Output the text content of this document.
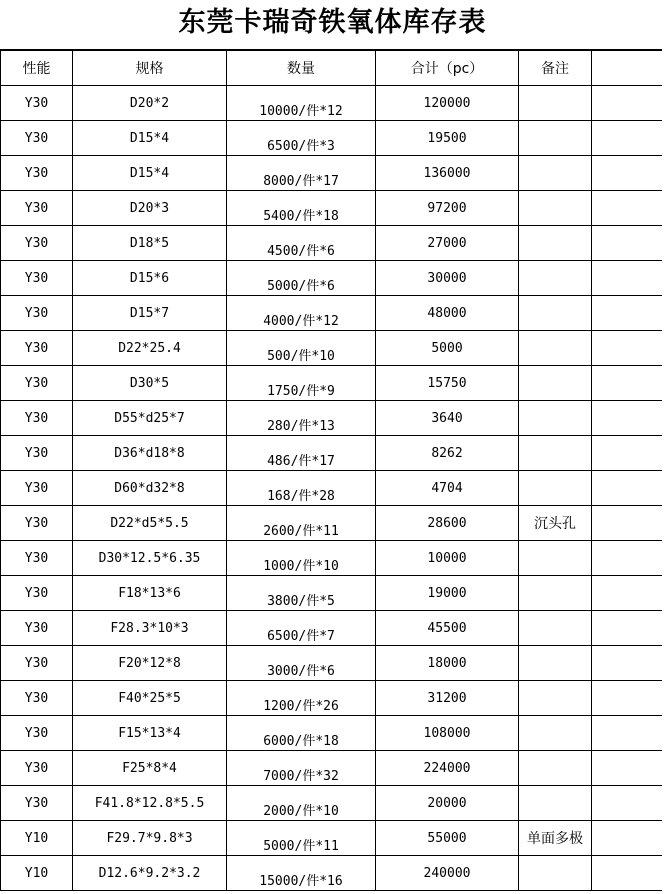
东莞卡瑞奇铁氧体库存表
性能	规格	数量	合计（pc）	备注	
Y30	D20*2	10000/件*12	120000		
Y30	D15*4	6500/件*3	19500		
Y30	D15*4	8000/件*17	136000		
Y30	D20*3	5400/件*18	97200		
Y30	D18*5	4500/件*6	27000		
Y30	D15*6	5000/件*6	30000		
Y30	D15*7	4000/件*12	48000		
Y30	D22*25.4	500/件*10	5000		
Y30	D30*5	1750/件*9	15750		
Y30	D55*d25*7	280/件*13	3640		
Y30	D36*d18*8	486/件*17	8262		
Y30	D60*d32*8	168/件*28	4704		
Y30	D22*d5*5.5	2600/件*11	28600	沉头孔	
Y30	D30*12.5*6.35	1000/件*10	10000		
Y30	F18*13*6	3800/件*5	19000		
Y30	F28.3*10*3	6500/件*7	45500		
Y30	F20*12*8	3000/件*6	18000		
Y30	F40*25*5	1200/件*26	31200		
Y30	F15*13*4	6000/件*18	108000		
Y30	F25*8*4	7000/件*32	224000		
Y30	F41.8*12.8*5.5	2000/件*10	20000		
Y10	F29.7*9.8*3	5000/件*11	55000	单面多极	
Y10	D12.6*9.2*3.2	15000/件*16	240000		
